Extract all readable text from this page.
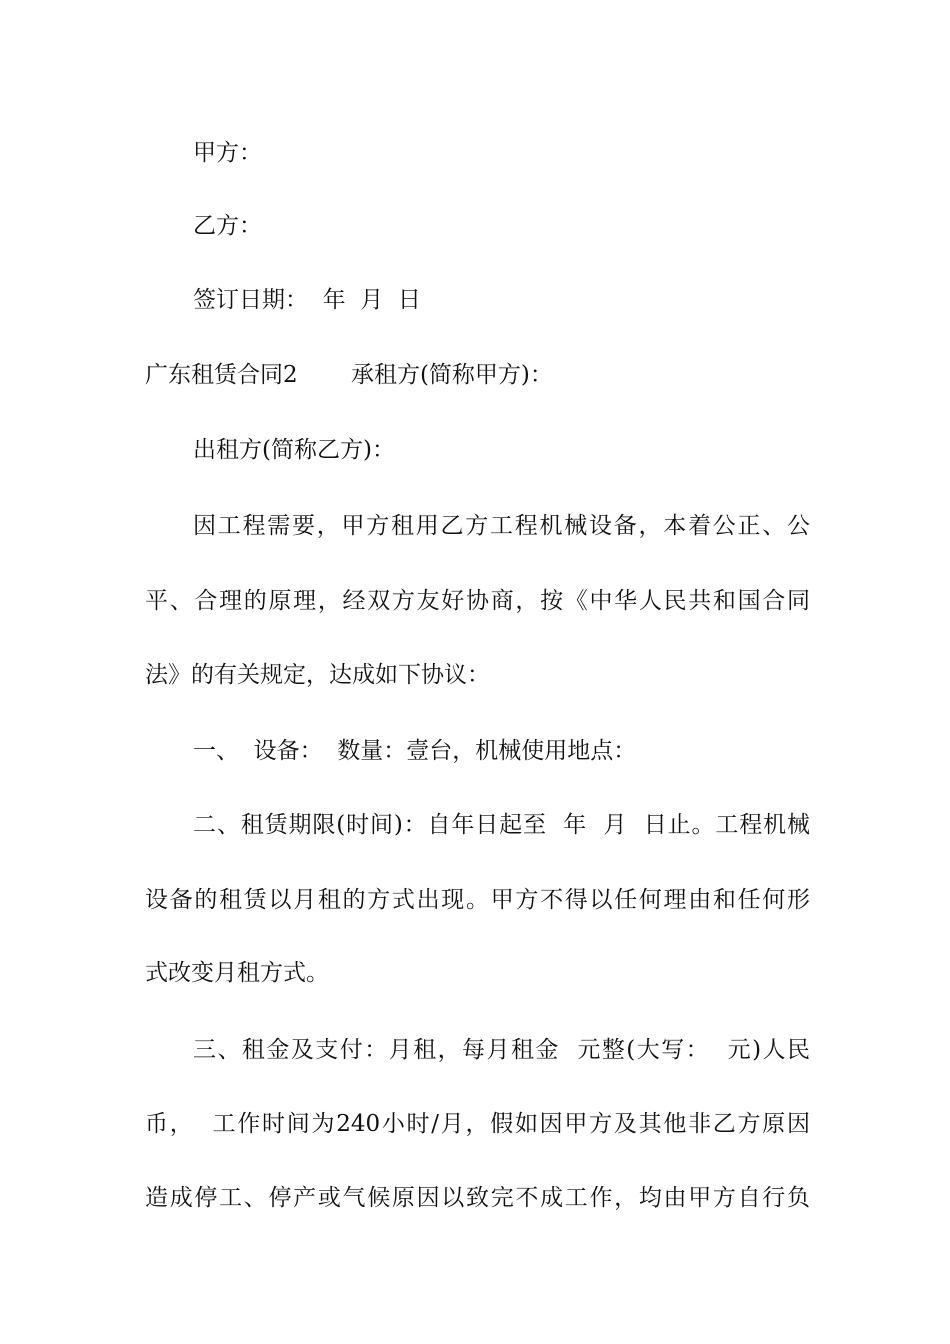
甲方：

乙方：

签订日期：  年  月  日

广东租赁合同2　　 承租方(简称甲方)：

出租方(简称乙方)：

因工程需要，甲方租用乙方工程机械设备，本着公正、公

平、合理的原理，经双方友好协商，按《中华人民共和国合同

法》的有关规定，达成如下协议：

一、  设备：  数量：壹台，机械使用地点：

二、租赁期限(时间)：自年日起至  年  月  日止。工程机械

设备的租赁以月租的方式出现。甲方不得以任何理由和任何形

式改变月租方式。

三、租金及支付：月租，每月租金  元整(大写：  元)人民

币，  工作时间为240小时/月，假如因甲方及其他非乙方原因

造成停工、停产或气候原因以致完不成工作，均由甲方自行负
